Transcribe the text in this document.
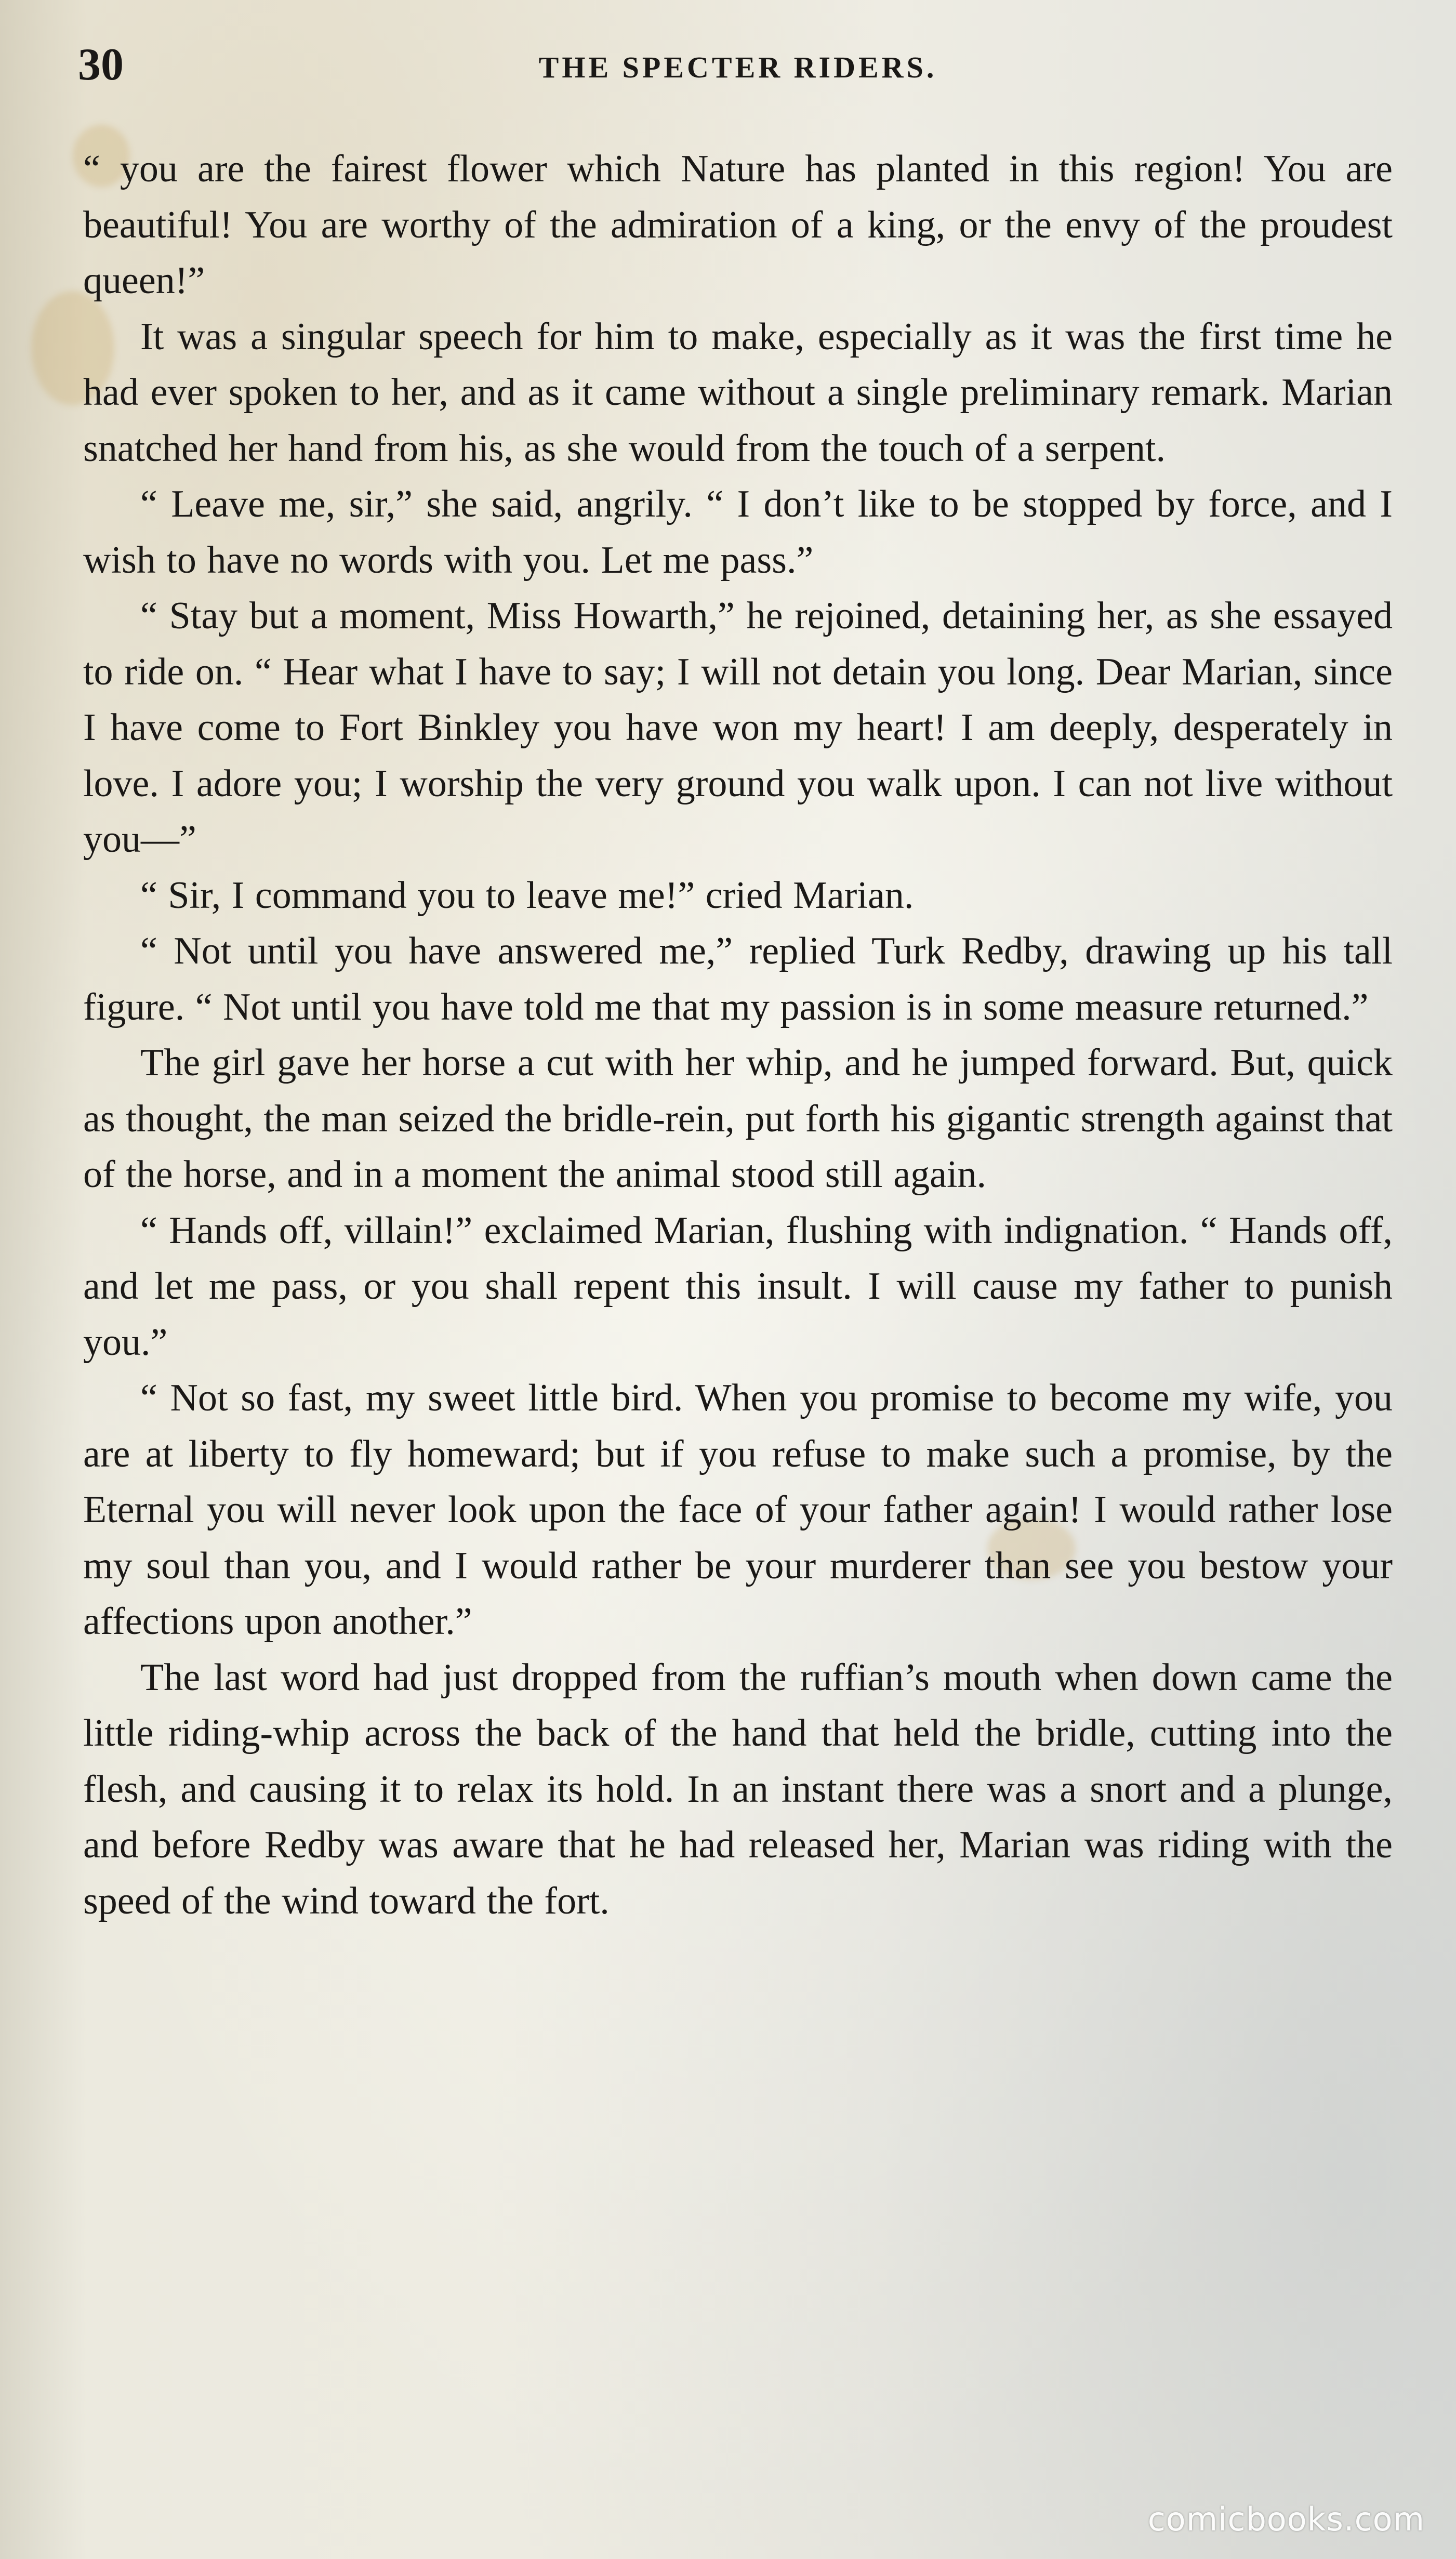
30	THE SPECTER RIDERS.

“ you are the fairest flower which Nature has planted in this region! You are beautiful! You are worthy of the admiration of a king, or the envy of the proudest queen!”

It was a singular speech for him to make, especially as it was the first time he had ever spoken to her, and as it came without a single preliminary remark. Marian snatched her hand from his, as she would from the touch of a serpent.

“ Leave me, sir,” she said, angrily. “ I don’t like to be stopped by force, and I wish to have no words with you. Let me pass.”

“ Stay but a moment, Miss Howarth,” he rejoined, detaining her, as she essayed to ride on. “ Hear what I have to say; I will not detain you long. Dear Marian, since I have come to Fort Binkley you have won my heart! I am deeply, desperately in love. I adore you; I worship the very ground you walk upon. I can not live without you—”

“ Sir, I command you to leave me!” cried Marian.

“ Not until you have answered me,” replied Turk Redby, drawing up his tall figure. “ Not until you have told me that my passion is in some measure returned.”

The girl gave her horse a cut with her whip, and he jumped forward. But, quick as thought, the man seized the bridle-rein, put forth his gigantic strength against that of the horse, and in a moment the animal stood still again.

“ Hands off, villain!” exclaimed Marian, flushing with indignation. “ Hands off, and let me pass, or you shall repent this insult. I will cause my father to punish you.”

“ Not so fast, my sweet little bird. When you promise to become my wife, you are at liberty to fly homeward; but if you refuse to make such a promise, by the Eternal you will never look upon the face of your father again! I would rather lose my soul than you, and I would rather be your murderer than see you bestow your affections upon another.”

The last word had just dropped from the ruffian’s mouth when down came the little riding-whip across the back of the hand that held the bridle, cutting into the flesh, and causing it to relax its hold. In an instant there was a snort and a plunge, and before Redby was aware that he had released her, Marian was riding with the speed of the wind toward the fort.

comicbooks.com
